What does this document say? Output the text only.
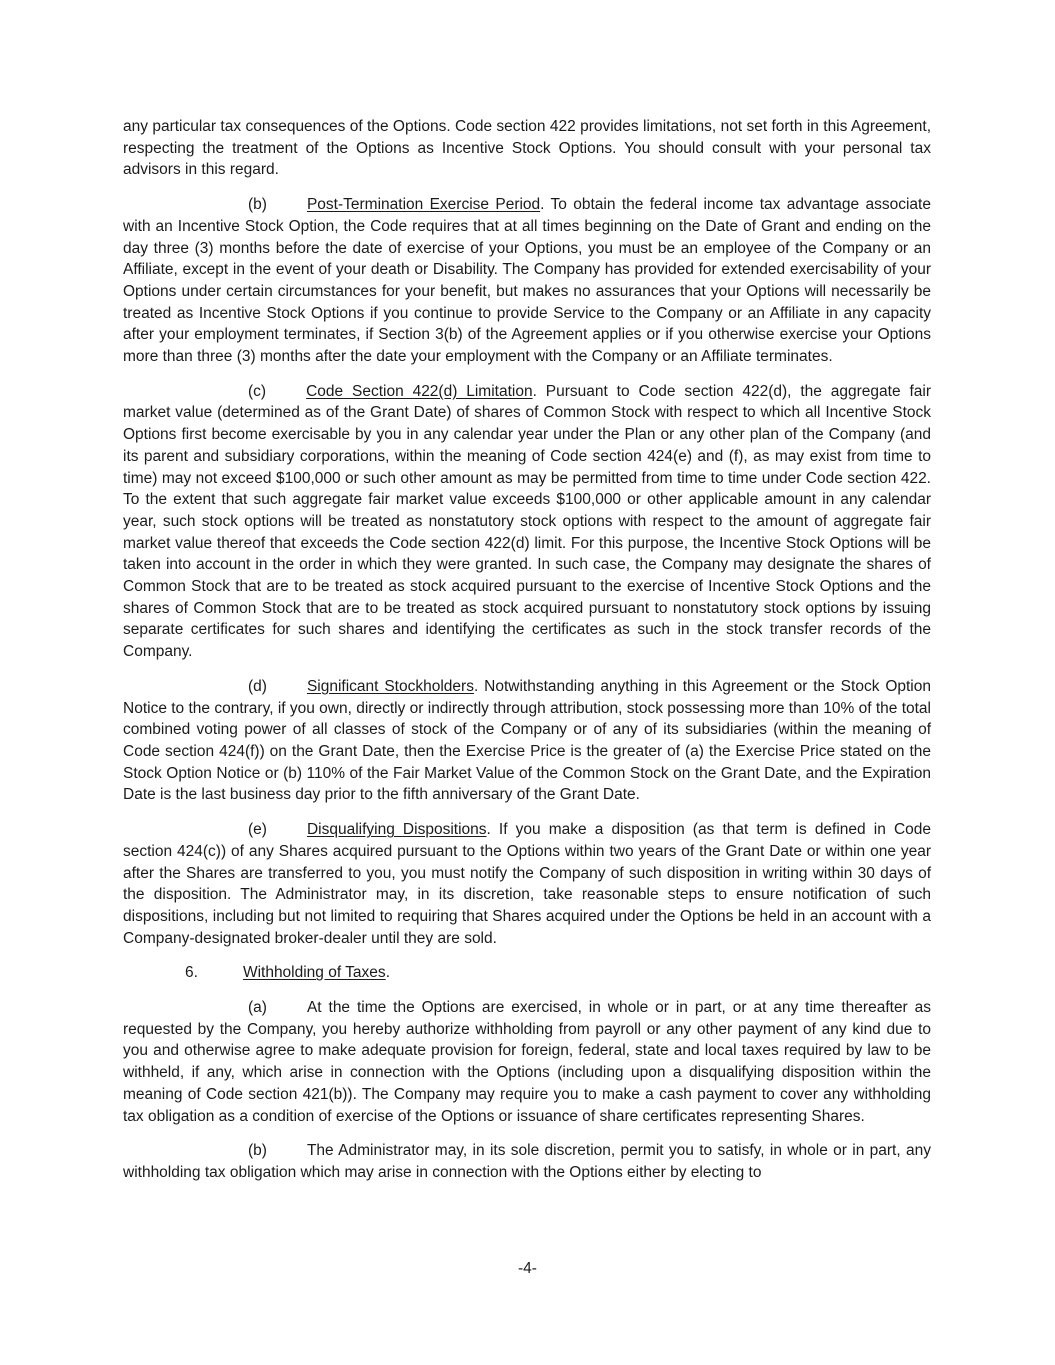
any particular tax consequences of the Options. Code section 422 provides limitations, not set forth in this Agreement, respecting the treatment of the Options as Incentive Stock Options. You should consult with your personal tax advisors in this regard.

(b)	Post-Termination Exercise Period. To obtain the federal income tax advantage associate with an Incentive Stock Option, the Code requires that at all times beginning on the Date of Grant and ending on the day three (3) months before the date of exercise of your Options, you must be an employee of the Company or an Affiliate, except in the event of your death or Disability. The Company has provided for extended exercisability of your Options under certain circumstances for your benefit, but makes no assurances that your Options will necessarily be treated as Incentive Stock Options if you continue to provide Service to the Company or an Affiliate in any capacity after your employment terminates, if Section 3(b) of the Agreement applies or if you otherwise exercise your Options more than three (3) months after the date your employment with the Company or an Affiliate terminates.

(c)	Code Section 422(d) Limitation. Pursuant to Code section 422(d), the aggregate fair market value (determined as of the Grant Date) of shares of Common Stock with respect to which all Incentive Stock Options first become exercisable by you in any calendar year under the Plan or any other plan of the Company (and its parent and subsidiary corporations, within the meaning of Code section 424(e) and (f), as may exist from time to time) may not exceed $100,000 or such other amount as may be permitted from time to time under Code section 422. To the extent that such aggregate fair market value exceeds $100,000 or other applicable amount in any calendar year, such stock options will be treated as nonstatutory stock options with respect to the amount of aggregate fair market value thereof that exceeds the Code section 422(d) limit. For this purpose, the Incentive Stock Options will be taken into account in the order in which they were granted. In such case, the Company may designate the shares of Common Stock that are to be treated as stock acquired pursuant to the exercise of Incentive Stock Options and the shares of Common Stock that are to be treated as stock acquired pursuant to nonstatutory stock options by issuing separate certificates for such shares and identifying the certificates as such in the stock transfer records of the Company.

(d)	Significant Stockholders. Notwithstanding anything in this Agreement or the Stock Option Notice to the contrary, if you own, directly or indirectly through attribution, stock possessing more than 10% of the total combined voting power of all classes of stock of the Company or of any of its subsidiaries (within the meaning of Code section 424(f)) on the Grant Date, then the Exercise Price is the greater of (a) the Exercise Price stated on the Stock Option Notice or (b) 110% of the Fair Market Value of the Common Stock on the Grant Date, and the Expiration Date is the last business day prior to the fifth anniversary of the Grant Date.

(e)	Disqualifying Dispositions. If you make a disposition (as that term is defined in Code section 424(c)) of any Shares acquired pursuant to the Options within two years of the Grant Date or within one year after the Shares are transferred to you, you must notify the Company of such disposition in writing within 30 days of the disposition. The Administrator may, in its discretion, take reasonable steps to ensure notification of such dispositions, including but not limited to requiring that Shares acquired under the Options be held in an account with a Company-designated broker-dealer until they are sold.

6.	Withholding of Taxes.

(a)	At the time the Options are exercised, in whole or in part, or at any time thereafter as requested by the Company, you hereby authorize withholding from payroll or any other payment of any kind due to you and otherwise agree to make adequate provision for foreign, federal, state and local taxes required by law to be withheld, if any, which arise in connection with the Options (including upon a disqualifying disposition within the meaning of Code section 421(b)). The Company may require you to make a cash payment to cover any withholding tax obligation as a condition of exercise of the Options or issuance of share certificates representing Shares.

(b)	The Administrator may, in its sole discretion, permit you to satisfy, in whole or in part, any withholding tax obligation which may arise in connection with the Options either by electing to

-4-
